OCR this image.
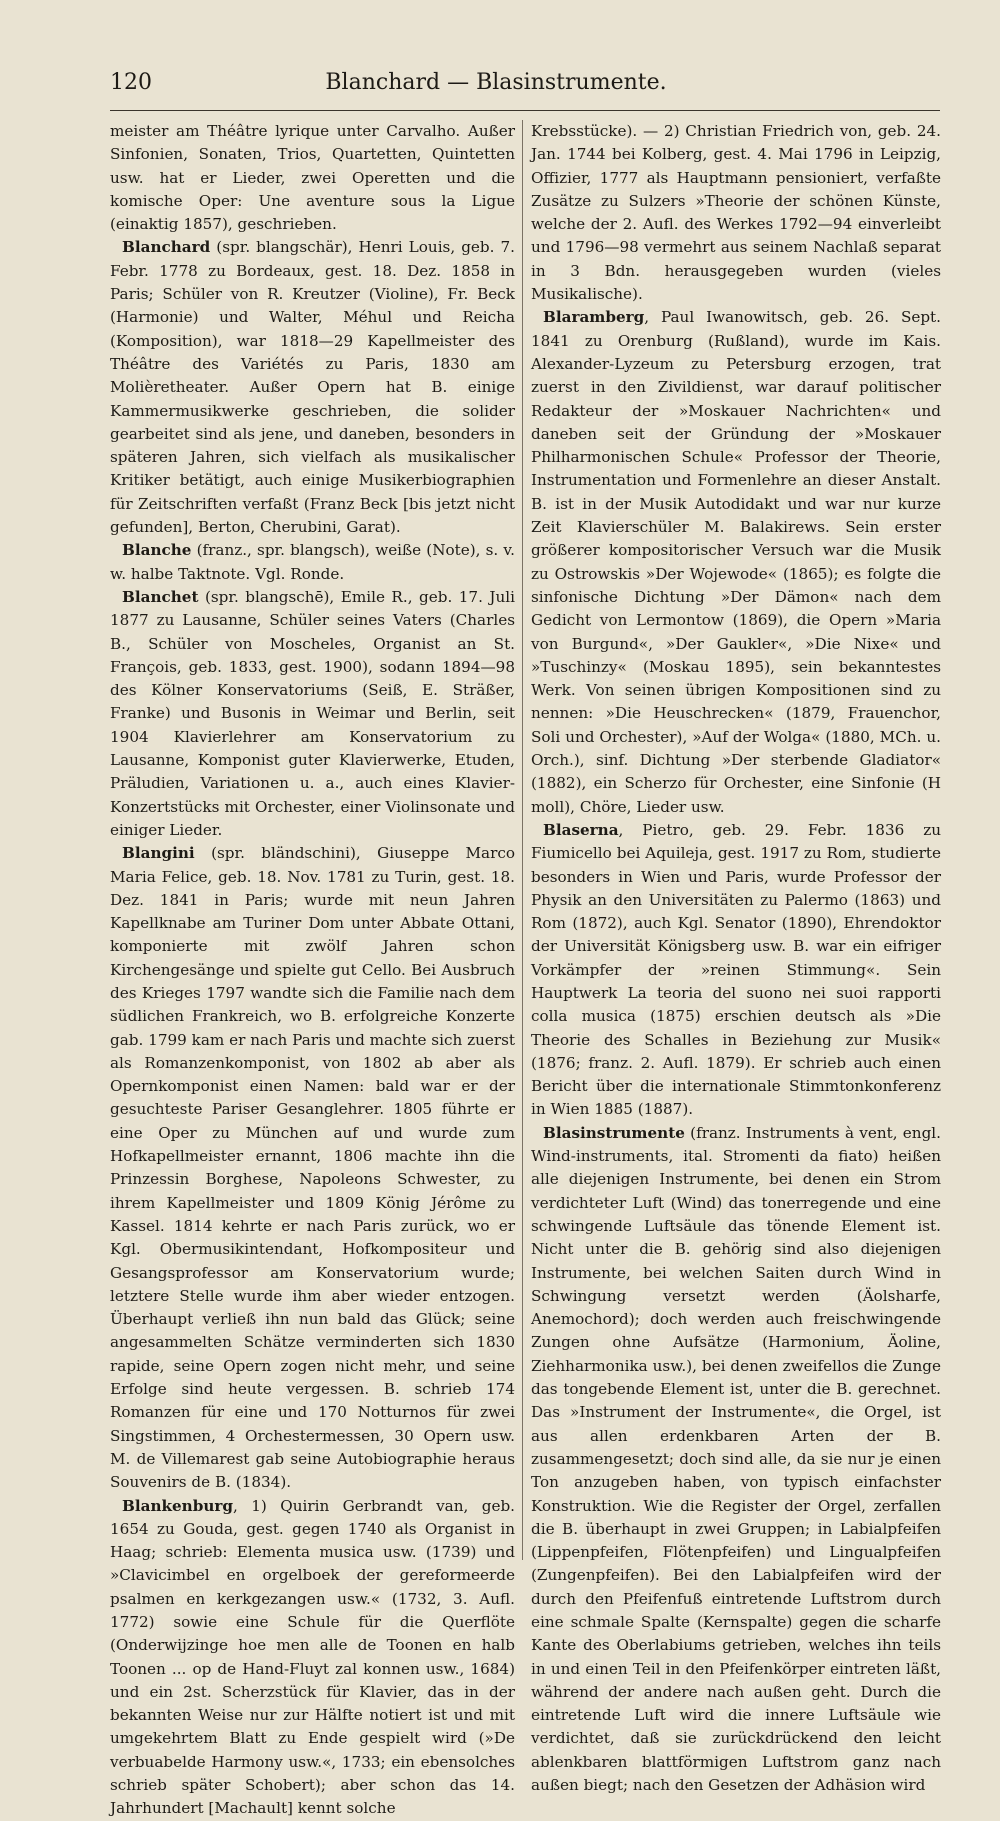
120	Blanchard — Blasinstrumente.

meister am Théâtre lyrique unter Carvalho. Außer Sinfonien, Sonaten, Trios, Quartetten, Quintetten usw. hat er Lieder, zwei Operetten und die komische Oper: Une aventure sous la Ligue (einaktig 1857), geschrieben.

Blanchard (spr. blangschär), Henri Louis, geb. 7. Febr. 1778 zu Bordeaux, gest. 18. Dez. 1858 in Paris; Schüler von R. Kreutzer (Violine), Fr. Beck (Harmonie) und Walter, Méhul und Reicha (Komposition), war 1818—29 Kapellmeister des Théâtre des Variétés zu Paris, 1830 am Molièretheater. Außer Opern hat B. einige Kammermusikwerke geschrieben, die solider gearbeitet sind als jene, und daneben, besonders in späteren Jahren, sich vielfach als musikalischer Kritiker betätigt, auch einige Musikerbiographien für Zeitschriften verfaßt (Franz Beck [bis jetzt nicht gefunden], Berton, Cherubini, Garat).

Blanche (franz., spr. blangsch), weiße (Note), s. v. w. halbe Taktnote. Vgl. Ronde.

Blanchet (spr. blangschē), Emile R., geb. 17. Juli 1877 zu Lausanne, Schüler seines Vaters (Charles B., Schüler von Moscheles, Organist an St. François, geb. 1833, gest. 1900), sodann 1894—98 des Kölner Konservatoriums (Seiß, E. Sträßer, Franke) und Busonis in Weimar und Berlin, seit 1904 Klavierlehrer am Konservatorium zu Lausanne, Komponist guter Klavierwerke, Etuden, Präludien, Variationen u. a., auch eines Klavier-Konzertstücks mit Orchester, einer Violinsonate und einiger Lieder.

Blangini (spr. bländschini), Giuseppe Marco Maria Felice, geb. 18. Nov. 1781 zu Turin, gest. 18. Dez. 1841 in Paris; wurde mit neun Jahren Kapellknabe am Turiner Dom unter Abbate Ottani, komponierte mit zwölf Jahren schon Kirchengesänge und spielte gut Cello. Bei Ausbruch des Krieges 1797 wandte sich die Familie nach dem südlichen Frankreich, wo B. erfolgreiche Konzerte gab. 1799 kam er nach Paris und machte sich zuerst als Romanzenkomponist, von 1802 ab aber als Opernkomponist einen Namen: bald war er der gesuchteste Pariser Gesanglehrer. 1805 führte er eine Oper zu München auf und wurde zum Hofkapellmeister ernannt, 1806 machte ihn die Prinzessin Borghese, Napoleons Schwester, zu ihrem Kapellmeister und 1809 König Jérôme zu Kassel. 1814 kehrte er nach Paris zurück, wo er Kgl. Obermusikintendant, Hofkompositeur und Gesangsprofessor am Konservatorium wurde; letztere Stelle wurde ihm aber wieder entzogen. Überhaupt verließ ihn nun bald das Glück; seine angesammelten Schätze verminderten sich 1830 rapide, seine Opern zogen nicht mehr, und seine Erfolge sind heute vergessen. B. schrieb 174 Romanzen für eine und 170 Notturnos für zwei Singstimmen, 4 Orchestermessen, 30 Opern usw. M. de Villemarest gab seine Autobiographie heraus Souvenirs de B. (1834).

Blankenburg, 1) Quirin Gerbrandt van, geb. 1654 zu Gouda, gest. gegen 1740 als Organist in Haag; schrieb: Elementa musica usw. (1739) und »Clavicimbel en orgelboek der gereformeerde psalmen en kerkgezangen usw.« (1732, 3. Aufl. 1772) sowie eine Schule für die Querflöte (Onderwijzinge hoe men alle de Toonen en halb Toonen ... op de Hand-Fluyt zal konnen usw., 1684) und ein 2st. Scherzstück für Klavier, das in der bekannten Weise nur zur Hälfte notiert ist und mit umgekehrtem Blatt zu Ende gespielt wird (»De verbuabelde Harmony usw.«, 1733; ein ebensolches schrieb später Schobert); aber schon das 14. Jahrhundert [Machault] kennt solche

Krebsstücke). — 2) Christian Friedrich von, geb. 24. Jan. 1744 bei Kolberg, gest. 4. Mai 1796 in Leipzig, Offizier, 1777 als Hauptmann pensioniert, verfaßte Zusätze zu Sulzers »Theorie der schönen Künste, welche der 2. Aufl. des Werkes 1792—94 einverleibt und 1796—98 vermehrt aus seinem Nachlaß separat in 3 Bdn. herausgegeben wurden (vieles Musikalische).

Blaramberg, Paul Iwanowitsch, geb. 26. Sept. 1841 zu Orenburg (Rußland), wurde im Kais. Alexander-Lyzeum zu Petersburg erzogen, trat zuerst in den Zivildienst, war darauf politischer Redakteur der »Moskauer Nachrichten« und daneben seit der Gründung der »Moskauer Philharmonischen Schule« Professor der Theorie, Instrumentation und Formenlehre an dieser Anstalt. B. ist in der Musik Autodidakt und war nur kurze Zeit Klavierschüler M. Balakirews. Sein erster größerer kompositorischer Versuch war die Musik zu Ostrowskis »Der Wojewode« (1865); es folgte die sinfonische Dichtung »Der Dämon« nach dem Gedicht von Lermontow (1869), die Opern »Maria von Burgund«, »Der Gaukler«, »Die Nixe« und »Tuschinzy« (Moskau 1895), sein bekanntestes Werk. Von seinen übrigen Kompositionen sind zu nennen: »Die Heuschrecken« (1879, Frauenchor, Soli und Orchester), »Auf der Wolga« (1880, MCh. u. Orch.), sinf. Dichtung »Der sterbende Gladiator« (1882), ein Scherzo für Orchester, eine Sinfonie (H moll), Chöre, Lieder usw.

Blaserna, Pietro, geb. 29. Febr. 1836 zu Fiumicello bei Aquileja, gest. 1917 zu Rom, studierte besonders in Wien und Paris, wurde Professor der Physik an den Universitäten zu Palermo (1863) und Rom (1872), auch Kgl. Senator (1890), Ehrendoktor der Universität Königsberg usw. B. war ein eifriger Vorkämpfer der »reinen Stimmung«. Sein Hauptwerk La teoria del suono nei suoi rapporti colla musica (1875) erschien deutsch als »Die Theorie des Schalles in Beziehung zur Musik« (1876; franz. 2. Aufl. 1879). Er schrieb auch einen Bericht über die internationale Stimmtonkonferenz in Wien 1885 (1887).

Blasinstrumente (franz. Instruments à vent, engl. Wind-instruments, ital. Stromenti da fiato) heißen alle diejenigen Instrumente, bei denen ein Strom verdichteter Luft (Wind) das tonerregende und eine schwingende Luftsäule das tönende Element ist. Nicht unter die B. gehörig sind also diejenigen Instrumente, bei welchen Saiten durch Wind in Schwingung versetzt werden (Äolsharfe, Anemochord); doch werden auch freischwingende Zungen ohne Aufsätze (Harmonium, Äoline, Ziehharmonika usw.), bei denen zweifellos die Zunge das tongebende Element ist, unter die B. gerechnet. Das »Instrument der Instrumente«, die Orgel, ist aus allen erdenkbaren Arten der B. zusammengesetzt; doch sind alle, da sie nur je einen Ton anzugeben haben, von typisch einfachster Konstruktion. Wie die Register der Orgel, zerfallen die B. überhaupt in zwei Gruppen; in Labialpfeifen (Lippenpfeifen, Flötenpfeifen) und Lingualpfeifen (Zungenpfeifen). Bei den Labialpfeifen wird der durch den Pfeifenfuß eintretende Luftstrom durch eine schmale Spalte (Kernspalte) gegen die scharfe Kante des Oberlabiums getrieben, welches ihn teils in und einen Teil in den Pfeifenkörper eintreten läßt, während der andere nach außen geht. Durch die eintretende Luft wird die innere Luftsäule wie verdichtet, daß sie zurückdrückend den leicht ablenkbaren blattförmigen Luftstrom ganz nach außen biegt; nach den Gesetzen der Adhäsion wird
